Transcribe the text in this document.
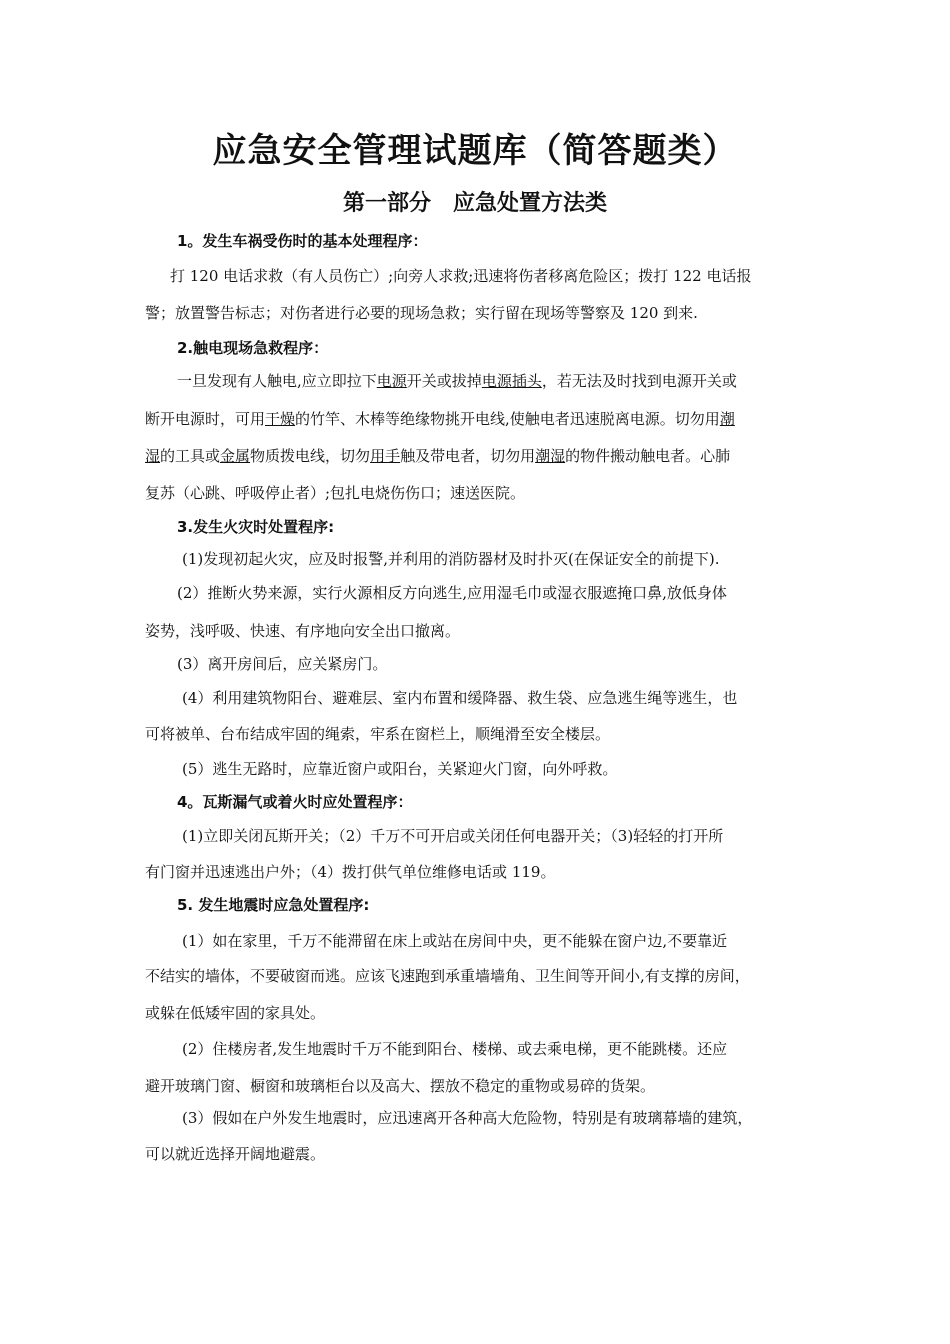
应急安全管理试题库（简答题类）
第一部分　应急处置方法类
1。发生车祸受伤时的基本处理程序：
打 120 电话求救（有人员伤亡）;向旁人求救;迅速将伤者移离危险区；拨打 122 电话报
警；放置警告标志；对伤者进行必要的现场急救；实行留在现场等警察及 120 到来.
2.触电现场急救程序：
一旦发现有人触电,应立即拉下电源开关或拔掉电源插头，若无法及时找到电源开关或
断开电源时，可用干燥的竹竿、木棒等绝缘物挑开电线,使触电者迅速脱离电源。切勿用潮
湿的工具或金属物质拨电线，切勿用手触及带电者，切勿用潮湿的物件搬动触电者。心肺
复苏（心跳、呼吸停止者）;包扎电烧伤伤口；速送医院。
3.发生火灾时处置程序:
(1)发现初起火灾，应及时报警,并利用的消防器材及时扑灭(在保证安全的前提下).
(2）推断火势来源，实行火源相反方向逃生,应用湿毛巾或湿衣服遮掩口鼻,放低身体
姿势，浅呼吸、快速、有序地向安全出口撤离。
(3）离开房间后，应关紧房门。
(4）利用建筑物阳台、避难层、室内布置和缓降器、救生袋、应急逃生绳等逃生，也
可将被单、台布结成牢固的绳索，牢系在窗栏上，顺绳滑至安全楼层。
(5）逃生无路时，应靠近窗户或阳台，关紧迎火门窗，向外呼救。
4。瓦斯漏气或着火时应处置程序：
(1)立即关闭瓦斯开关；（2）千万不可开启或关闭任何电器开关；（3)轻轻的打开所
有门窗并迅速逃出户外；（4）拨打供气单位维修电话或 119。
5. 发生地震时应急处置程序:
(1）如在家里，千万不能滞留在床上或站在房间中央，更不能躲在窗户边,不要靠近
不结实的墙体，不要破窗而逃。应该飞速跑到承重墙墙角、卫生间等开间小,有支撑的房间，
或躲在低矮牢固的家具处。
(2）住楼房者,发生地震时千万不能到阳台、楼梯、或去乘电梯，更不能跳楼。还应
避开玻璃门窗、橱窗和玻璃柜台以及高大、摆放不稳定的重物或易碎的货架。
(3）假如在户外发生地震时，应迅速离开各种高大危险物，特别是有玻璃幕墙的建筑，
可以就近选择开阔地避震。
